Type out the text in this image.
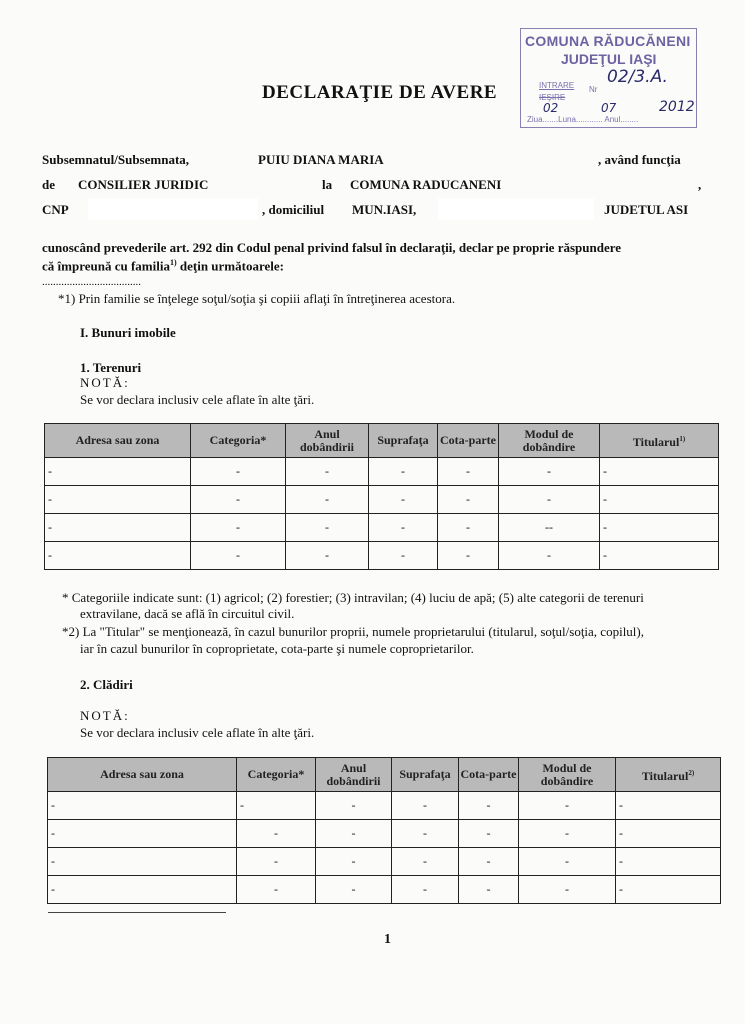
COMUNA RĂDUCĂNENI
JUDEŢUL IAŞI
INTRARE
IEŞIRE
Nr
02/3.A.
02	07	2012
Ziua.......Luna............ Anul........
DECLARAŢIE DE AVERE
Subsemnatul/Subsemnata,	PUIU DIANA MARIA	, având funcţia
de CONSILIER JURIDIC	la COMUNA RADUCANENI	,
CNP	, domiciliul MUN.IASI,	JUDETUL ASI
cunoscând prevederile art. 292 din Codul penal privind falsul în declaraţii, declar pe proprie răspundere
că împreună cu familia$^{1)}$ deţin următoarele:
....................................
*1) Prin familie se înţelege soţul/soţia şi copiii aflaţi în întreţinerea acestora.
I. Bunuri imobile
1. Terenuri
NOTĂ:
Se vor declara inclusiv cele aflate în alte ţări.
Adresa sau zona	Categoria*	Anul dobândirii	Suprafaţa	Cota-parte	Modul de dobândire	Titularul$^{1)}$
-	-	-	-	-	-	-
-	-	-	-	-	-	-
-	-	-	-	-	--	-
-	-	-	-	-	-	-
* Categoriile indicate sunt: (1) agricol; (2) forestier; (3) intravilan; (4) luciu de apă; (5) alte categorii de terenuri
extravilane, dacă se află în circuitul civil.
*2) La "Titular" se menţionează, în cazul bunurilor proprii, numele proprietarului (titularul, soţul/soţia, copilul),
iar în cazul bunurilor în coproprietate, cota-parte şi numele coproprietarilor.
2. Clădiri
NOTĂ:
Se vor declara inclusiv cele aflate în alte ţări.
Adresa sau zona	Categoria*	Anul dobândirii	Suprafaţa	Cota-parte	Modul de dobândire	Titularul$^{2)}$
-	-	-	-	-	-	-
-	-	-	-	-	-	-
-	-	-	-	-	-	-
-	-	-	-	-	-	-
1
